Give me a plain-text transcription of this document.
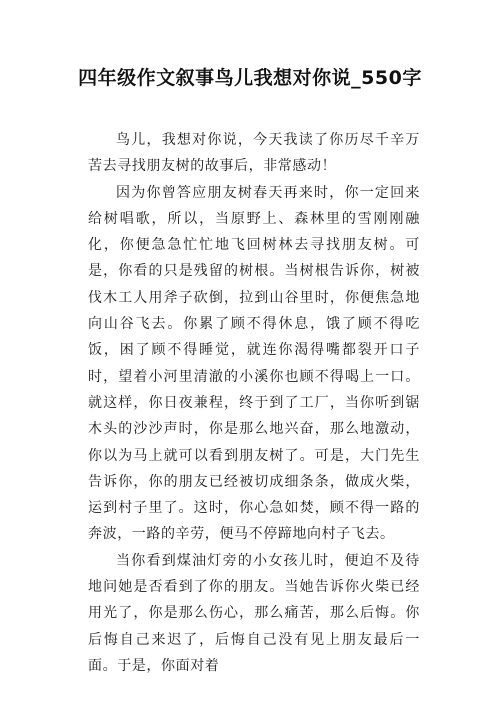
四年级作文叙事鸟儿我想对你说_550字

鸟儿，我想对你说，今天我读了你历尽千辛万苦去寻找朋友树的故事后，非常感动！

因为你曾答应朋友树春天再来时，你一定回来给树唱歌，所以，当原野上、森林里的雪刚刚融化，你便急急忙忙地飞回树林去寻找朋友树。可是，你看的只是残留的树根。当树根告诉你，树被伐木工人用斧子砍倒，拉到山谷里时，你便焦急地向山谷飞去。你累了顾不得休息，饿了顾不得吃饭，困了顾不得睡觉，就连你渴得嘴都裂开口子时，望着小河里清澈的小溪你也顾不得喝上一口。就这样，你日夜兼程，终于到了工厂，当你听到锯木头的沙沙声时，你是那么地兴奋，那么地激动，你以为马上就可以看到朋友树了。可是，大门先生告诉你，你的朋友已经被切成细条条，做成火柴，运到村子里了。这时，你心急如焚，顾不得一路的奔波，一路的辛劳，便马不停蹄地向村子飞去。

当你看到煤油灯旁的小女孩儿时，便迫不及待地问她是否看到了你的朋友。当她告诉你火柴已经用光了，你是那么伤心，那么痛苦，那么后悔。你后悔自己来迟了，后悔自己没有见上朋友最后一面。于是，你面对着
